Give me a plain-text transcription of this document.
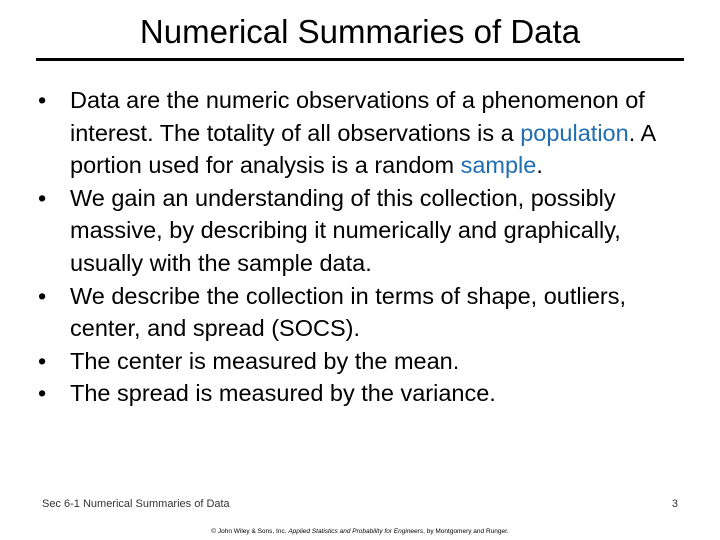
Numerical Summaries of Data
•	Data are the numeric observations of a phenomenon of interest. The totality of all observations is a population. A portion used for analysis is a random sample.
•	We gain an understanding of this collection, possibly massive, by describing it numerically and graphically, usually with the sample data.
•	We describe the collection in terms of shape, outliers, center, and spread (SOCS).
•	The center is measured by the mean.
•	The spread is measured by the variance.
Sec 6-1 Numerical Summaries of Data	3
© John Wiley & Sons, Inc. Applied Statistics and Probability for Engineers, by Montgomery and Runger.
